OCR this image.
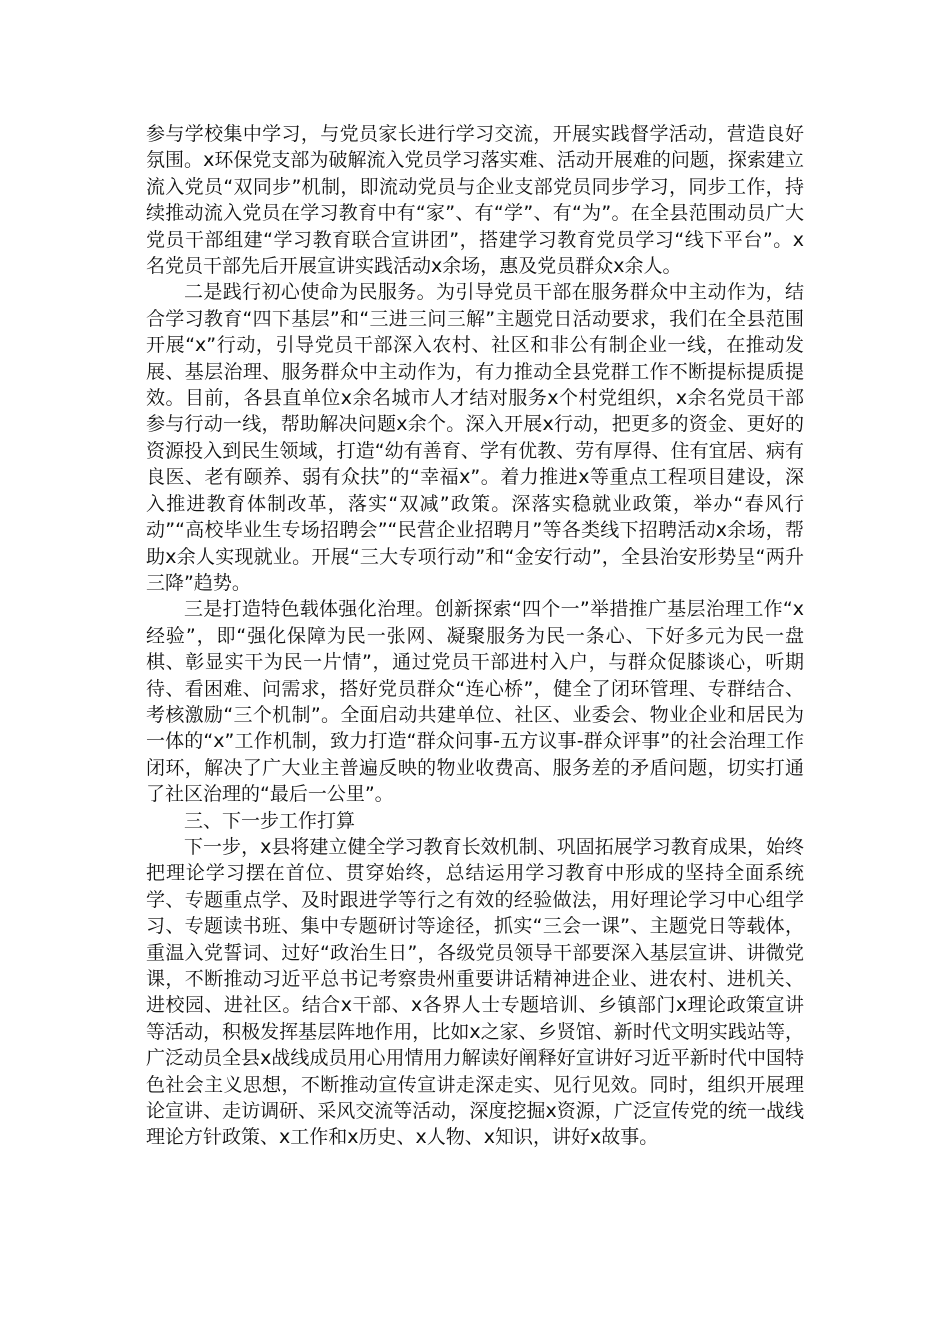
参与学校集中学习，与党员家长进行学习交流，开展实践督学活动，营造良好氛围。x环保党支部为破解流入党员学习落实难、活动开展难的问题，探索建立流入党员“双同步”机制，即流动党员与企业支部党员同步学习，同步工作，持续推动流入党员在学习教育中有“家”、有“学”、有“为”。在全县范围动员广大党员干部组建“学习教育联合宣讲团”，搭建学习教育党员学习“线下平台”。x名党员干部先后开展宣讲实践活动x余场，惠及党员群众x余人。

二是践行初心使命为民服务。为引导党员干部在服务群众中主动作为，结合学习教育“四下基层”和“三进三问三解”主题党日活动要求，我们在全县范围开展“x”行动，引导党员干部深入农村、社区和非公有制企业一线，在推动发展、基层治理、服务群众中主动作为，有力推动全县党群工作不断提标提质提效。目前，各县直单位x余名城市人才结对服务x个村党组织，x余名党员干部参与行动一线，帮助解决问题x余个。深入开展x行动，把更多的资金、更好的资源投入到民生领域，打造“幼有善育、学有优教、劳有厚得、住有宜居、病有良医、老有颐养、弱有众扶”的“幸福x”。着力推进x等重点工程项目建设，深入推进教育体制改革，落实“双减”政策。深落实稳就业政策，举办“春风行动”“高校毕业生专场招聘会”“民营企业招聘月”等各类线下招聘活动x余场，帮助x余人实现就业。开展“三大专项行动”和“金安行动”，全县治安形势呈“两升三降”趋势。

三是打造特色载体强化治理。创新探索“四个一”举措推广基层治理工作“x经验”，即“强化保障为民一张网、凝聚服务为民一条心、下好多元为民一盘棋、彰显实干为民一片情”，通过党员干部进村入户，与群众促膝谈心，听期待、看困难、问需求，搭好党员群众“连心桥”，健全了闭环管理、专群结合、考核激励“三个机制”。全面启动共建单位、社区、业委会、物业企业和居民为一体的“x”工作机制，致力打造“群众问事-五方议事-群众评事”的社会治理工作闭环，解决了广大业主普遍反映的物业收费高、服务差的矛盾问题，切实打通了社区治理的“最后一公里”。

三、下一步工作打算

下一步，x县将建立健全学习教育长效机制、巩固拓展学习教育成果，始终把理论学习摆在首位、贯穿始终，总结运用学习教育中形成的坚持全面系统学、专题重点学、及时跟进学等行之有效的经验做法，用好理论学习中心组学习、专题读书班、集中专题研讨等途径，抓实“三会一课”、主题党日等载体，重温入党誓词、过好“政治生日”，各级党员领导干部要深入基层宣讲、讲微党课，不断推动习近平总书记考察贵州重要讲话精神进企业、进农村、进机关、进校园、进社区。结合x干部、x各界人士专题培训、乡镇部门x理论政策宣讲等活动，积极发挥基层阵地作用，比如x之家、乡贤馆、新时代文明实践站等，广泛动员全县x战线成员用心用情用力解读好阐释好宣讲好习近平新时代中国特色社会主义思想，不断推动宣传宣讲走深走实、见行见效。同时，组织开展理论宣讲、走访调研、采风交流等活动，深度挖掘x资源，广泛宣传党的统一战线理论方针政策、x工作和x历史、x人物、x知识，讲好x故事。
